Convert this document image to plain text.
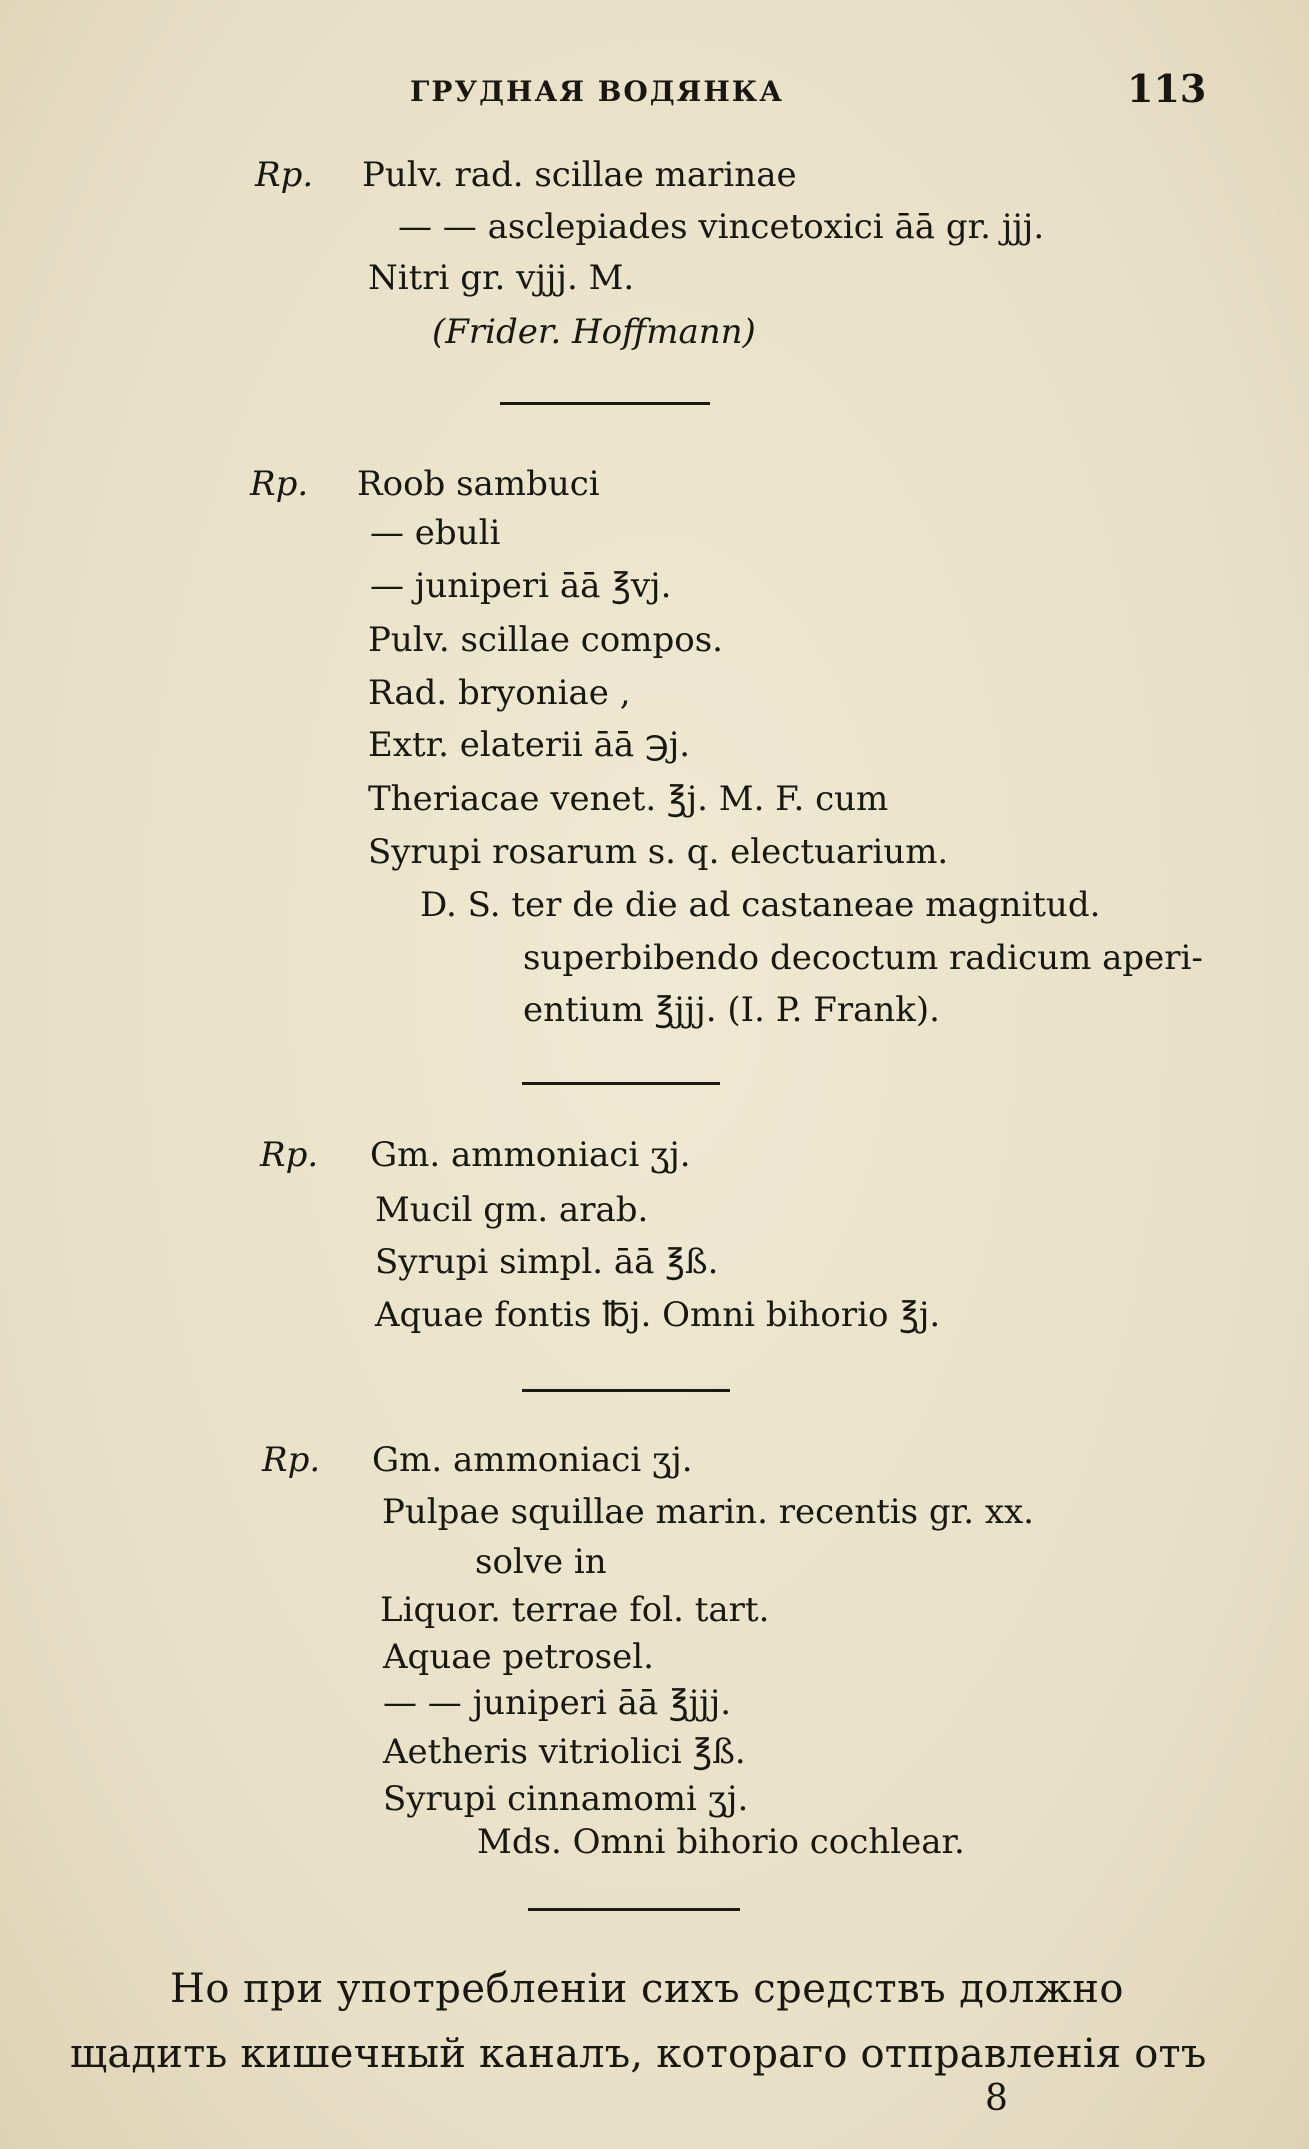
ГРУДНАЯ ВОДЯНКА	113
Rp. Pulv. rad. scillae marinae
— — asclepiades vincetoxici āā gr. jjj.
Nitri gr. vjjj. M.
(Frider. Hoffmann)
Rp. Roob sambuci
— ebuli
— juniperi āā ℥vj.
Pulv. scillae compos.
Rad. bryoniae ,
Extr. elaterii āā ℈j.
Theriacae venet. ℥j. M. F. cum
Syrupi rosarum s. q. electuarium.
D. S. ter de die ad castaneae magnitud.
superbibendo decoctum radicum aperi-
entium ℥jjj. (I. P. Frank).
Rp. Gm. ammoniaci ʒj.
Mucil gm. arab.
Syrupi simpl. āā ℥ß.
Aquae fontis ℔j. Omni bihorio ℥j.
Rp. Gm. ammoniaci ʒj.
Pulpae squillae marin. recentis gr. xx.
solve in
Liquor. terrae fol. tart.
Aquae petrosel.
— — juniperi āā ℥jjj.
Aetheris vitriolici ℥ß.
Syrupi cinnamomi ʒj.
Mds. Omni bihorio cochlear.
Но при употребленіи сихъ средствъ должно
щадить кишечный каналъ, котораго отправленія отъ
8
